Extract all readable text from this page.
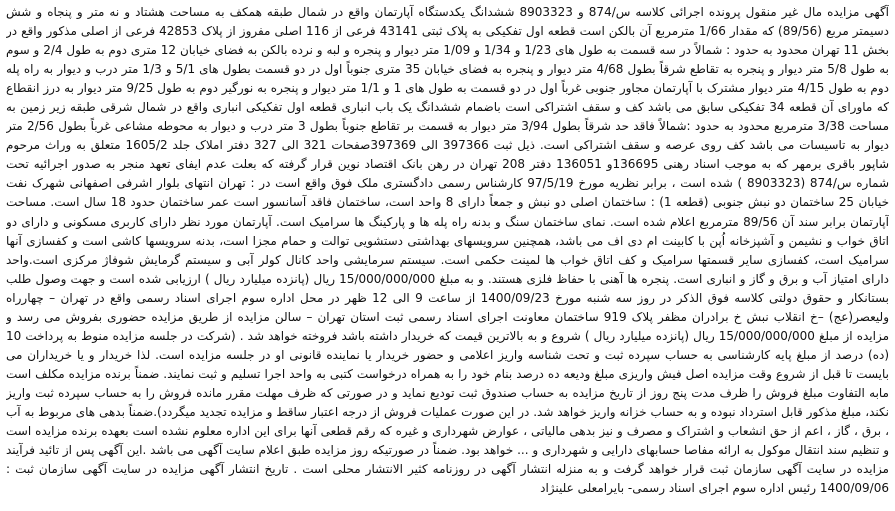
آگهی مزایده مال غیر منقول پرونده اجرائی کلاسه س/874 و 8903323 ششدانگ یکدستگاه آپارتمان واقع در شمال طبقه همکف به مساحت هشتاد و نه متر و پنجاه و شش دسیمتر مربع (89/56) که مقدار 1/66 مترمربع آن بالکن است قطعه اول تفکیکی به پلاک ثبتی 43141 فرعی از 116 اصلی مفروز از پلاک 42853 فرعی از اصلی مذکور واقع در بخش 11 تهران محدود به حدود : شمالاً در سه قسمت به طول های 1/23 و 1/34 و 1/09 متر دیوار و پنجره و لبه و نرده بالکن به فضای خیابان 12 متری دوم به طول 2/4 و سوم به طول 5/8 متر دیوار و پنجره به تقاطع شرقاً بطول 4/68 متر دیوار و پنجره به فضای خیابان 35 متری جنوباً اول در دو قسمت بطول های 5/1 و 1/3 متر درب و دیوار به راه پله دوم به طول 4/15 متر دیوار مشترک با آپارتمان مجاور جنوبی غرباً اول در دو قسمت به طول های 1 و 1/1 متر دیوار و پنجره به نورگیر دوم به طول 9/25 متر دیوار به درز انقطاع که ماورای آن قطعه 34 تفکیکی سابق می باشد کف و سقف اشتراکی است باضمام ششدانگ یک باب انباری قطعه اول تفکیکی انباری واقع در شمال شرقی طبقه زیر زمین به مساحت 3/38 مترمربع محدود به حدود :شمالاً فاقد حد شرقاً بطول 3/94 متر دیوار به قسمت بر تقاطع جنوباً بطول 3 متر درب و دیوار به محوطه مشاعی غرباً بطول 2/56 متر دیوار به تاسیسات می باشد کف روی عرصه و سقف اشتراکی است. ذیل ثبت 397366 الی 397369صفحات 321 الی 327 دفتر املاک جلد 1605/2 متعلق به وراث مرحوم شاپور باقری برمهر که به موجب اسناد رهنی 136695و 136051 دفتر 208 تهران در رهن بانک اقتصاد نوین قرار گرفته که بعلت عدم ایفای تعهد منجر به صدور اجرائیه تحت شماره س/874 (8903323 ) شده است ، برابر نظریه مورخ 97/5/19 کارشناس رسمی دادگستری ملک فوق واقع است در : تهران انتهای بلوار اشرفی اصفهانی شهرک نفت خیابان 25 ساختمان دو نبش جنوبی (قطعه 1) : ساختمان اصلی دو نبش و جمعاً دارای 8 واحد است، ساختمان فاقد آسانسور است عمر ساختمان حدود 18 سال است. مساحت آپارتمان برابر سند آن 89/56 مترمربع اعلام شده است. نمای ساختمان سنگ و بدنه راه پله ها و پارکینگ ها سرامیک است. آپارتمان مورد نظر دارای کاربری مسکونی و دارای دو اتاق خواب و نشیمن و آشپزخانه اُپن با کابینت ام دی اف می باشد، همچنین سرویسهای بهداشتی دستشویی توالت و حمام مجزا است، بدنه سرویسها کاشی است و کفسازی آنها سرامیک است، کفسازی سایر قسمتها سرامیک و کف اتاق خواب ها لمینت حکمی است. سیستم سرمایشی واحد کانال کولر آبی و سیستم گرمایش شوفاژ مرکزی است.واحد دارای امتیاز آب و برق و گاز و انباری است. پنجره ها آهنی با حفاظ فلزی هستند. و به مبلغ 15/000/000/000 ریال (پانزده میلیارد ریال ) ارزیابی شده است و جهت وصول طلب بستانکار و حقوق دولتی کلاسه فوق الذکر در روز سه شنبه مورخ 1400/09/23 از ساعت 9 الی 12 ظهر در محل اداره سوم اجرای اسناد رسمی واقع در تهران – چهارراه ولیعصر(عج) –خ انقلاب نبش خ برادران مظفر پلاک 919 ساختمان معاونت اجرای اسناد رسمی ثبت استان تهران – سالن مزایده از طریق مزایده حضوری بفروش می رسد و مزایده از مبلغ 15/000/000/000 ریال (پانزده میلیارد ریال ) شروع و به بالاترین قیمت که خریدار داشته باشد فروخته خواهد شد . (شرکت در جلسه مزایده منوط به پرداخت 10 (ده) درصد از مبلغ پایه کارشناسی به حساب سپرده ثبت و تحت شناسه واریز اعلامی و حضور خریدار یا نماینده قانونی او در جلسه مزایده است. لذا خریدار و یا خریداران می بایست تا قبل از شروع وقت مزایده اصل فیش واریزی مبلغ ودیعه ده درصد بنام خود را به همراه درخواست کتبی به واحد اجرا تسلیم و ثبت نمایند. ضمناً برنده مزایده مکلف است مابه التفاوت مبلغ فروش را ظرف مدت پنج روز از تاریخ مزایده به حساب صندوق ثبت تودیع نماید و در صورتی که ظرف مهلت مقرر مانده فروش را به حساب سپرده ثبت واریز نکند، مبلغ مذکور قابل استرداد نبوده و به حساب خزانه واریز خواهد شد. در این صورت عملیات فروش از درجه اعتبار ساقط و مزایده تجدید میگردد).ضمناً بدهی های مربوط به آب ، برق ، گاز ، اعم از حق انشعاب و اشتراک و مصرف و نیز بدهی مالیاتی ، عوارض شهرداری و غیره که رقم قطعی آنها برای این اداره معلوم نشده است بعهده برنده مزایده است و تنظیم سند انتقال موکول به ارائه مفاصا حسابهای دارایی و شهرداری و ... خواهد بود. ضمناً در صورتیکه روز مزایده طبق اعلام سایت آگهی می باشد .این آگهی پس از تائید فرآیند مزایده در سایت آگهی سازمان ثبت قرار خواهد گرفت و به منزله انتشار آگهی در روزنامه کثیر الانتشار محلی است . تاریخ انتشار آگهی مزایده در سایت آگهی سازمان ثبت : 1400/09/06 رئیس اداره سوم اجرای اسناد رسمی- بایرامعلی علینژاد
